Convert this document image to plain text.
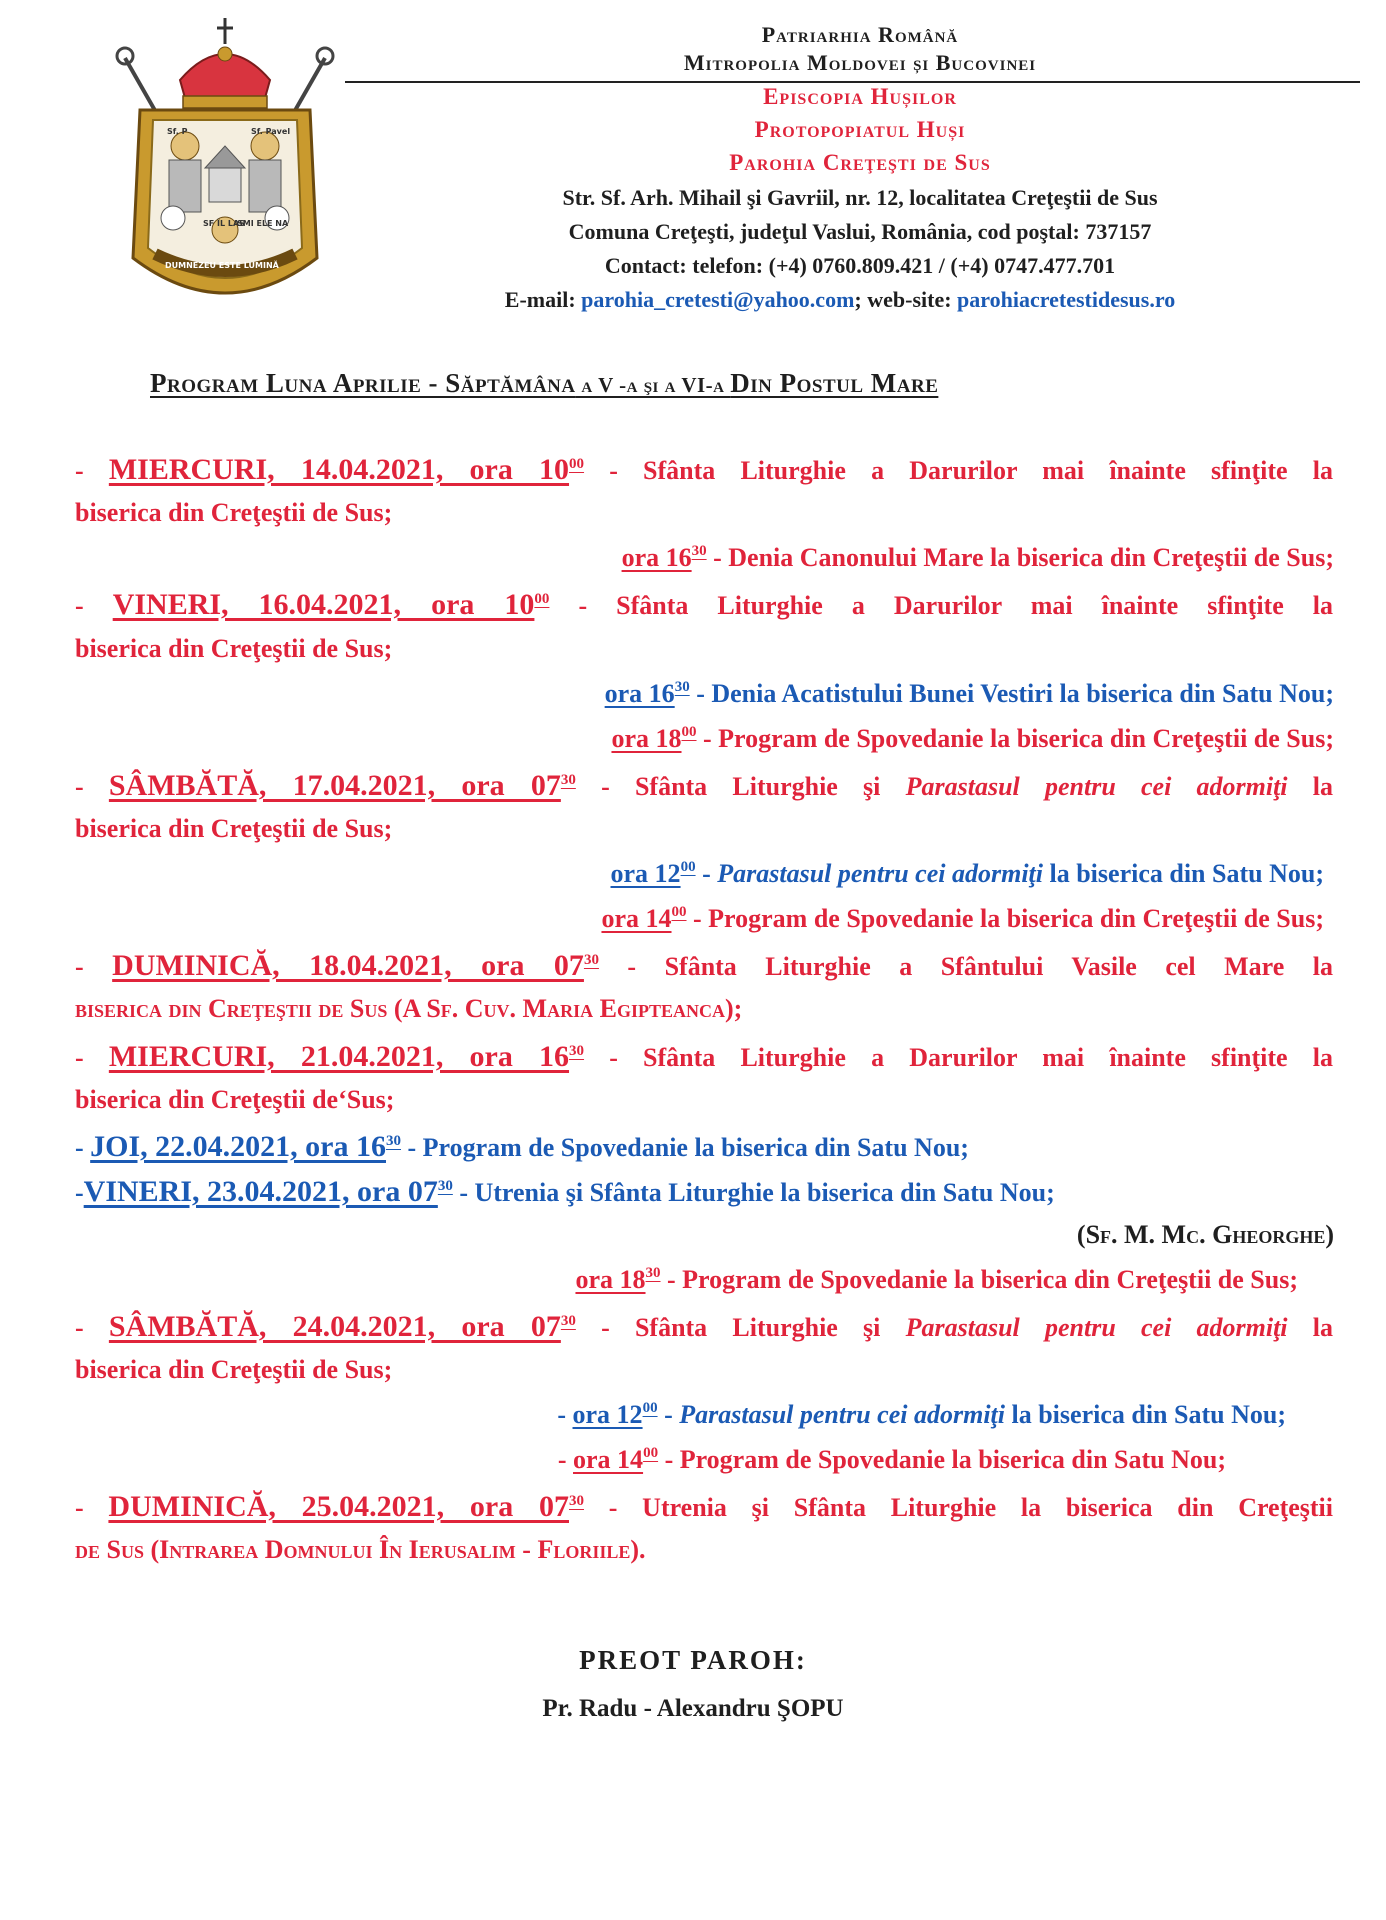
SF ÎL LAS
SMI ELE NA
Sf. P	Sf. Pavel
DUMNEZEU ESTE LUMINĂ
Patriarhia Română
Mitropolia Moldovei și Bucovinei
Episcopia Hușilor
Protopopiatul Huși
Parohia Creţeşti de Sus
Str. Sf. Arh. Mihail şi Gavriil, nr. 12, localitatea Creţeştii de Sus
Comuna Creţeşti, judeţul Vaslui, România, cod poştal: 737157
Contact: telefon: (+4) 0760.809.421 / (+4) 0747.477.701
E-mail: parohia_cretesti@yahoo.com; web-site: parohiacretestidesus.ro
Program Luna Aprilie - Săptămâna a V -a şi a VI-a Din Postul Mare
- MIERCURI, 14.04.2021, ora $10^{00}$ - Sfânta Liturghie a Darurilor mai înainte sfinţite la
biserica din Creţeştii de Sus;
ora $16^{30}$ - Denia Canonului Mare la biserica din Creţeştii de Sus;
- VINERI, 16.04.2021, ora $10^{00}$ - Sfânta Liturghie a Darurilor mai înainte sfinţite la
biserica din Creţeştii de Sus;
ora $16^{30}$ - Denia Acatistului Bunei Vestiri la biserica din Satu Nou;
ora $18^{00}$ - Program de Spovedanie la biserica din Creţeştii de Sus;
- SÂMBĂTĂ, 17.04.2021, ora $07^{30}$ - Sfânta Liturghie şi Parastasul pentru cei adormiţi la
biserica din Creţeştii de Sus;
ora $12^{00}$ - Parastasul pentru cei adormiţi la biserica din Satu Nou;
ora $14^{00}$ - Program de Spovedanie la biserica din Creţeştii de Sus;
- DUMINICĂ, 18.04.2021, ora $07^{30}$ - Sfânta Liturghie a Sfântului Vasile cel Mare la
biserica din Creţeştii de Sus (A Sf. Cuv. Maria Egipteanca);
- MIERCURI, 21.04.2021, ora $16^{30}$ - Sfânta Liturghie a Darurilor mai înainte sfinţite la
biserica din Creţeştii de‘Sus;
- JOI, 22.04.2021, ora $16^{30}$ - Program de Spovedanie la biserica din Satu Nou;
-VINERI, 23.04.2021, ora $07^{30}$ - Utrenia şi Sfânta Liturghie la biserica din Satu Nou;
(Sf. M. Mc. Gheorghe)
ora $18^{30}$ - Program de Spovedanie la biserica din Creţeştii de Sus;
- SÂMBĂTĂ, 24.04.2021, ora $07^{30}$ - Sfânta Liturghie şi Parastasul pentru cei adormiţi la
biserica din Creţeştii de Sus;
- ora $12^{00}$ - Parastasul pentru cei adormiţi la biserica din Satu Nou;
- ora $14^{00}$ - Program de Spovedanie la biserica din Satu Nou;
- DUMINICĂ, 25.04.2021, ora $07^{30}$ - Utrenia şi Sfânta Liturghie la biserica din Creţeştii
de Sus (Intrarea Domnului În Ierusalim - Floriile).
PREOT PAROH:
Pr. Radu - Alexandru ŞOPU
